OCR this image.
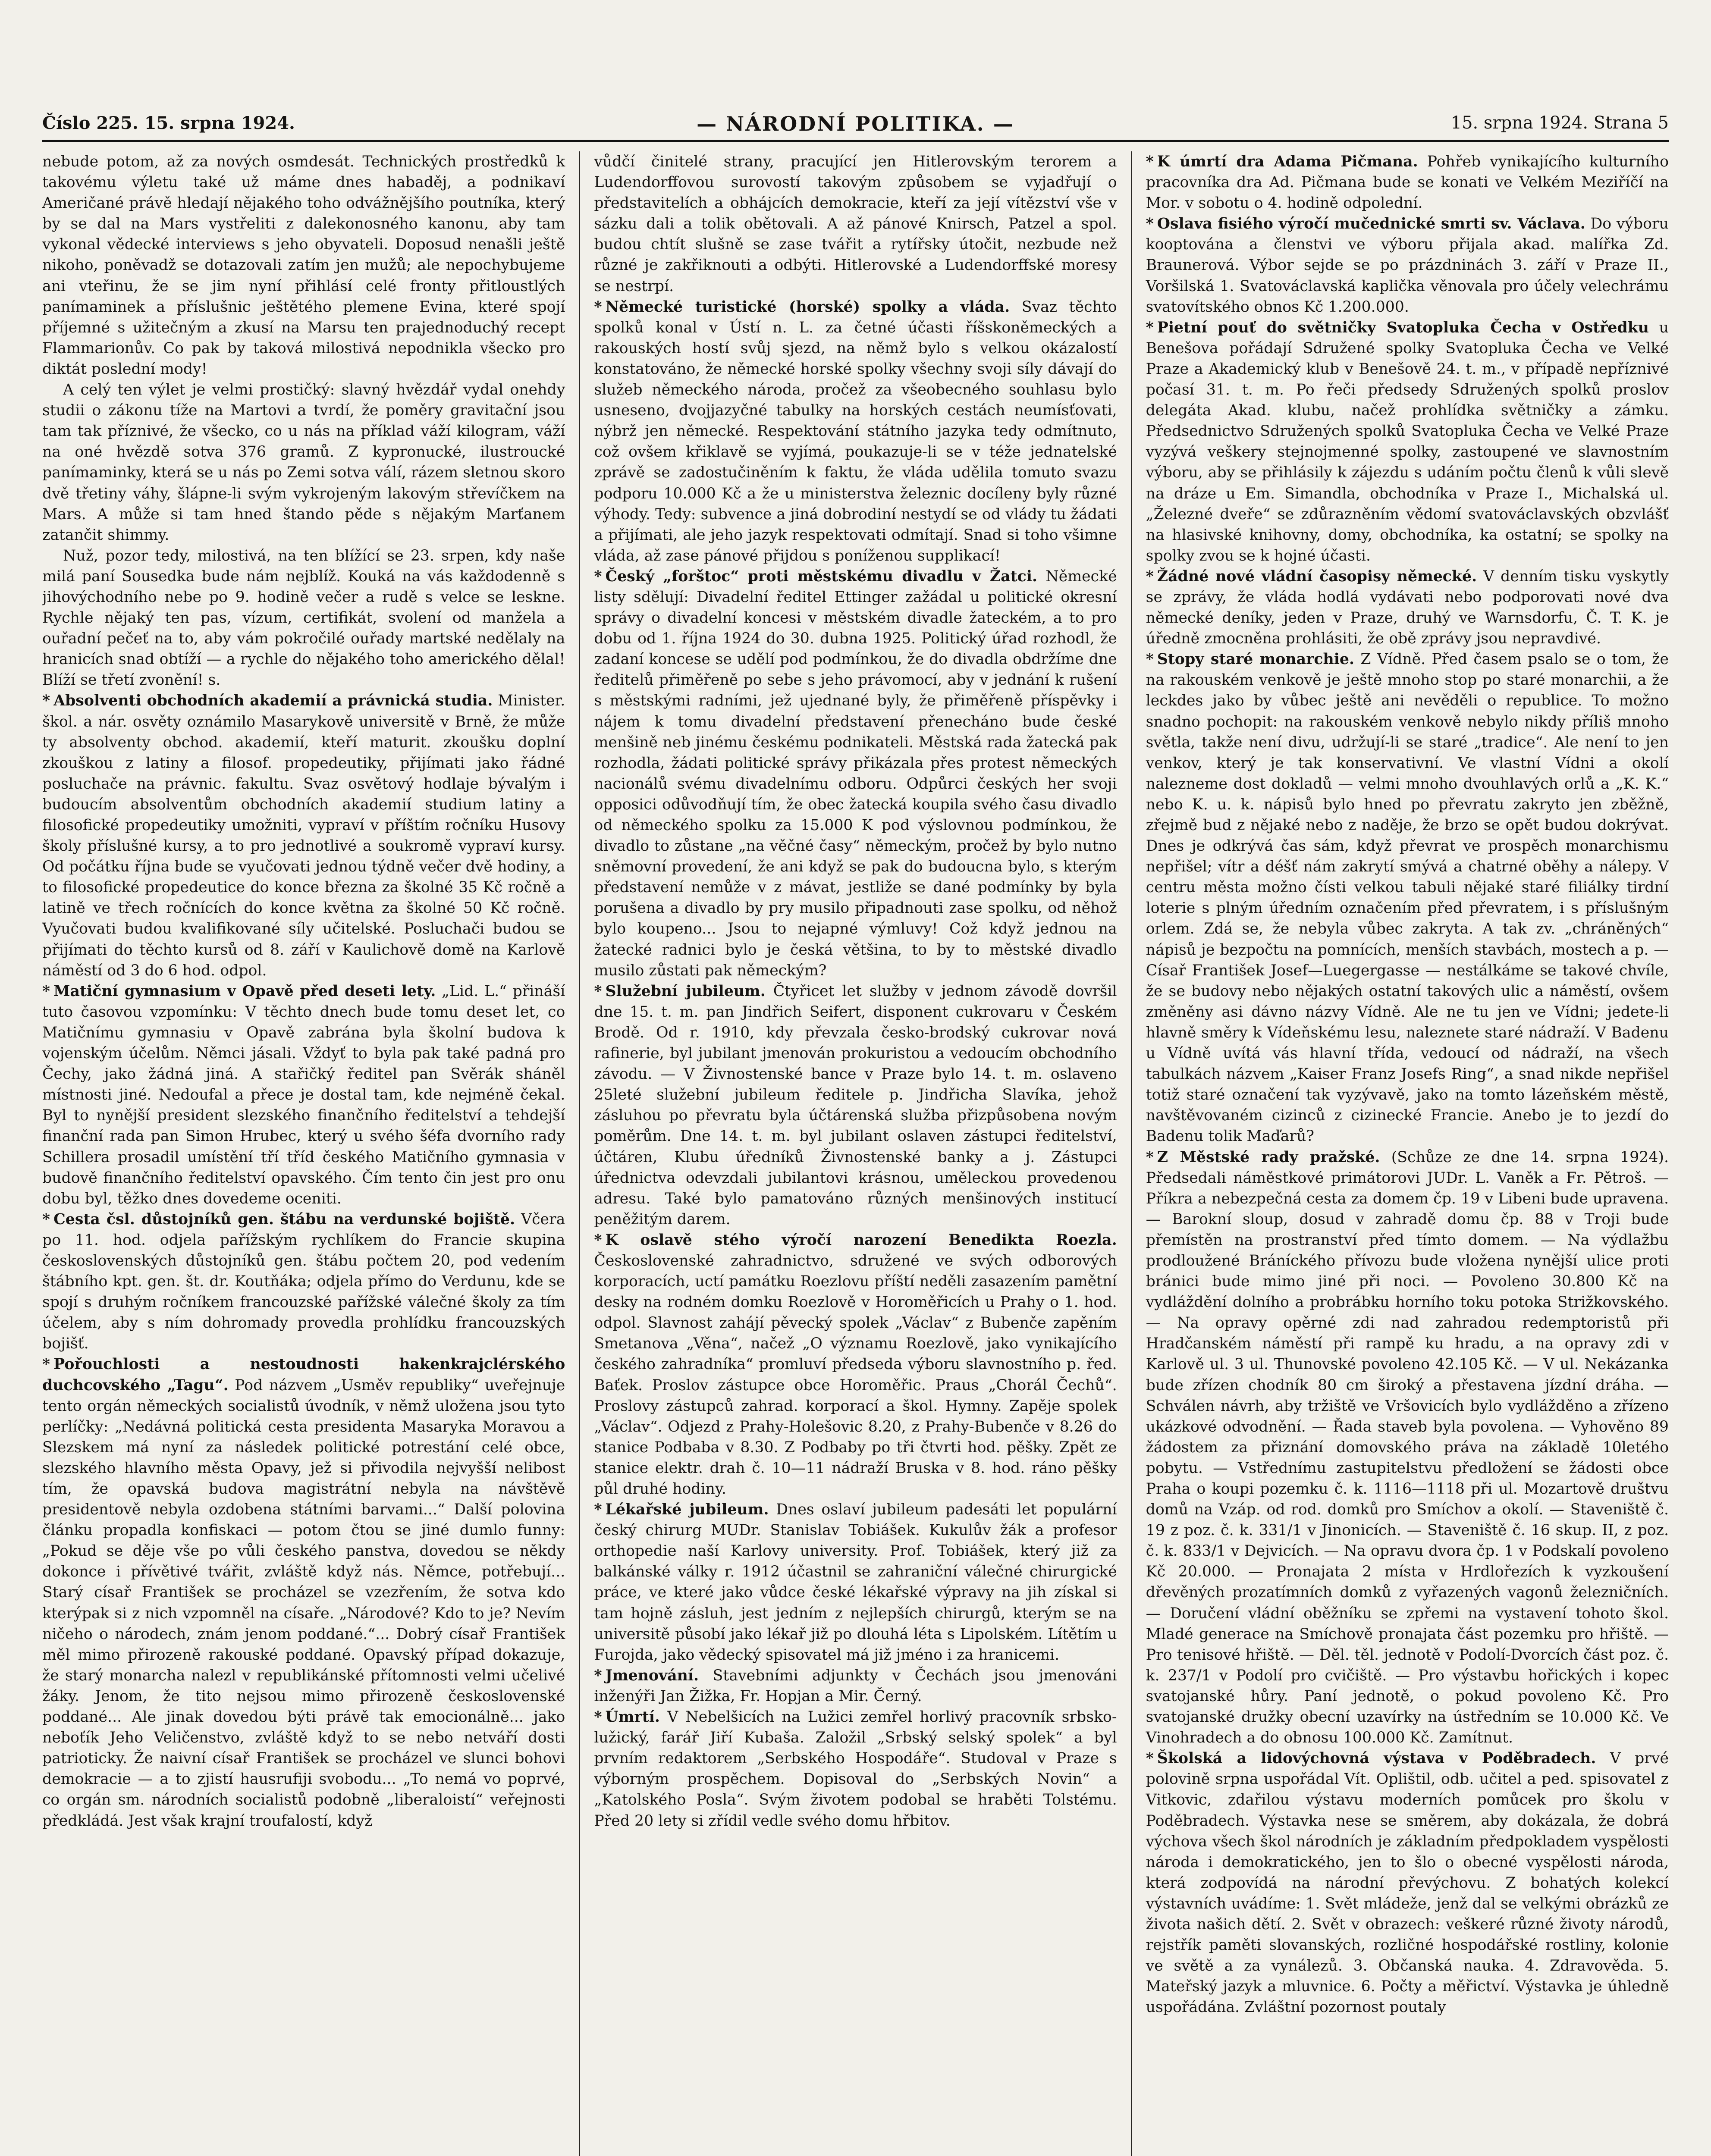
Číslo 225. 15. srpna 1924.	— NÁRODNÍ POLITIKA. —	15. srpna 1924. Strana 5

nebude potom, až za nových osmdesát. Technických prostředků k takovému výletu také už máme dnes habaděj, a podnikaví Američané právě hledají nějakého toho odvážnějšího poutníka, který by se dal na Mars vystřeliti z dalekonosného kanonu, aby tam vykonal vědecké interviews s jeho obyvateli. Doposud nenašli ještě nikoho, poněvadž se dotazovali zatím jen mužů; ale nepochybujeme ani vteřinu, že se jim nyní přihlásí celé fronty přitloustlých panímaminek a příslušnic ještětého plemene Evina, které spojí příjemné s užitečným a zkusí na Marsu ten prajednoduchý recept Flammarionův. Co pak by taková milostivá nepodnikla všecko pro diktát poslední mody!

A celý ten výlet je velmi prostičký: slavný hvězdář vydal onehdy studii o zákonu tíže na Martovi a tvrdí, že poměry gravitační jsou tam tak příznivé, že všecko, co u nás na příklad váží kilogram, váží na oné hvězdě sotva 376 gramů. Z kypronucké, ilustroucké panímaminky, která se u nás po Zemi sotva válí, rázem sletnou skoro dvě třetiny váhy, šlápne-li svým vykrojeným lakovým střevíčkem na Mars. A může si tam hned štando pěde s nějakým Marťanem zatančit shimmy.

Nuž, pozor tedy, milostivá, na ten blížící se 23. srpen, kdy naše milá paní Sousedka bude nám nejblíž. Kouká na vás každodenně s jihovýchodního nebe po 9. hodině večer a rudě s velce se leskne. Rychle nějaký ten pas, vízum, certifikát, svolení od manžela a ouřadní pečeť na to, aby vám pokročilé ouřady martské nedělaly na hranicích snad obtíží — a rychle do nějakého toho amerického dělal! Blíží se třetí zvonění! s.

* Absolventi obchodních akademií a právnická studia. Minister. škol. a nár. osvěty oznámilo Masarykově universitě v Brně, že může ty absolventy obchod. akademií, kteří maturit. zkoušku doplní zkouškou z latiny a filosof. propedeutiky, přijímati jako řádné posluchače na právnic. fakultu. Svaz osvětový hodlaje bývalým i budoucím absolventům obchodních akademií studium latiny a filosofické propedeutiky umožniti, vypraví v příštím ročníku Husovy školy příslušné kursy, a to pro jednotlivé a soukromě vypraví kursy. Od počátku října bude se vyučovati jednou týdně večer dvě hodiny, a to filosofické propedeutice do konce března za školné 35 Kč ročně a latině ve třech ročnících do konce května za školné 50 Kč ročně. Vyučovati budou kvalifikované síly učitelské. Posluchači budou se přijímati do těchto kursů od 8. září v Kaulichově domě na Karlově náměstí od 3 do 6 hod. odpol.

* Matiční gymnasium v Opavě před deseti lety. „Lid. L.“ přináší tuto časovou vzpomínku: V těchto dnech bude tomu deset let, co Matičnímu gymnasiu v Opavě zabrána byla školní budova k vojenským účelům. Němci jásali. Vždyť to byla pak také padná pro Čechy, jako žádná jiná. A stařičký ředitel pan Svěrák sháněl místnosti jiné. Nedoufal a přece je dostal tam, kde nejméně čekal. Byl to nynější president slezského finančního ředitelství a tehdejší finanční rada pan Simon Hrubec, který u svého šéfa dvorního rady Schillera prosadil umístění tří tříd českého Matičního gymnasia v budově finančního ředitelství opavského. Čím tento čin jest pro onu dobu byl, těžko dnes dovedeme oceniti.

* Cesta čsl. důstojníků gen. štábu na verdunské bojiště. Včera po 11. hod. odjela pařížským rychlíkem do Francie skupina československých důstojníků gen. štábu počtem 20, pod vedením štábního kpt. gen. št. dr. Koutňáka; odjela přímo do Verdunu, kde se spojí s druhým ročníkem francouzské pařížské válečné školy za tím účelem, aby s ním dohromady provedla prohlídku francouzských bojišť.

* Pořouchlosti a nestoudnosti hakenkrajclérského duchcovského „Tagu“. Pod názvem „Usměv republiky“ uveřejnuje tento orgán německých socialistů úvodník, v němž uložena jsou tyto perlíčky: „Nedávná politická cesta presidenta Masaryka Moravou a Slezskem má nyní za následek politické potrestání celé obce, slezského hlavního města Opavy, jež si přivodila nejvyšší nelibost tím, že opavská budova magistrátní nebyla na návštěvě presidentově nebyla ozdobena státními barvami...“ Další polovina článku propadla konfiskaci — potom čtou se jiné dumlo funny: „Pokud se děje vše po vůli českého panstva, dovedou se někdy dokonce i přívětivé tvářit, zvláště když nás. Němce, potřebují... Starý císař František se procházel se vzezřením, že sotva kdo kterýpak si z nich vzpomněl na císaře. „Národové? Kdo to je? Nevím ničeho o národech, znám jenom poddané.“... Dobrý císař František měl mimo přirozeně rakouské poddané. Opavský případ dokazuje, že starý monarcha nalezl v republikánské přítomnosti velmi učelivé žáky. Jenom, že tito nejsou mimo přirozeně československé poddané... Ale jinak dovedou býti právě tak emocionálně... jako neboťík Jeho Veličenstvo, zvláště když to se nebo netváří dosti patrioticky. Že naivní císař František se procházel ve slunci bohovi demokracie — a to zjistí hausrufiji svobodu... „To nemá vo poprvé, co orgán sm. národních socialistů podobně „liberaloistí“ veřejnosti předkládá. Jest však krajní troufalostí, když

vůdčí činitelé strany, pracující jen Hitlerovským terorem a Ludendorffovou surovostí takovým způsobem se vyjadřují o představitelích a obhájcích demokracie, kteří za její vítězství vše v sázku dali a tolik obětovali. A až pánové Knirsch, Patzel a spol. budou chtít slušně se zase tvářit a rytířsky útočit, nezbude než různé je zakřiknouti a odbýti. Hitlerovské a Ludendorffské moresy se nestrpí.

* Německé turistické (horské) spolky a vláda. Svaz těchto spolků konal v Ústí n. L. za četné účasti říšskoněmeckých a rakouských hostí svůj sjezd, na němž bylo s velkou okázalostí konstatováno, že německé horské spolky všechny svoji síly dávají do služeb německého národa, pročež za všeobecného souhlasu bylo usneseno, dvojjazyčné tabulky na horských cestách neumísťovati, nýbrž jen německé. Respektování státního jazyka tedy odmítnuto, což ovšem křiklavě se vyjímá, poukazuje-li se v téže jednatelské zprávě se zadostučiněním k faktu, že vláda udělila tomuto svazu podporu 10.000 Kč a že u ministerstva železnic docíleny byly různé výhody. Tedy: subvence a jiná dobrodiní nestydí se od vlády tu žádati a přijímati, ale jeho jazyk respektovati odmítají. Snad si toho všimne vláda, až zase pánové přijdou s poníženou supplikací!

* Český „forštoc“ proti městskému divadlu v Žatci. Německé listy sdělují: Divadelní ředitel Ettinger zažádal u politické okresní správy o divadelní koncesi v městském divadle žateckém, a to pro dobu od 1. října 1924 do 30. dubna 1925. Politický úřad rozhodl, že zadaní koncese se udělí pod podmínkou, že do divadla obdržíme dne ředitelů přiměřeně po sebe s jeho právomocí, aby v jednání k rušení s městskými radními, jež ujednané byly, že přiměřeně příspěvky i nájem k tomu divadelní představení přenecháno bude české menšině neb jinému českému podnikateli. Městská rada žatecká pak rozhodla, žádati politické správy přikázala přes protest německých nacionálů svému divadelnímu odboru. Odpůrci českých her svoji opposici odůvodňují tím, že obec žatecká koupila svého času divadlo od německého spolku za 15.000 K pod výslovnou podmínkou, že divadlo to zůstane „na věčné časy“ německým, pročež by bylo nutno sněmovní provedení, že ani když se pak do budoucna bylo, s kterým představení nemůže v z mávat, jestliže se dané podmínky by byla porušena a divadlo by pry musilo připadnouti zase spolku, od něhož bylo koupeno... Jsou to nejapné výmluvy! Což když jednou na žatecké radnici bylo je česká většina, to by to městské divadlo musilo zůstati pak německým?

* Služební jubileum. Čtyřicet let služby v jednom závodě dovršil dne 15. t. m. pan Jindřich Seifert, disponent cukrovaru v Českém Brodě. Od r. 1910, kdy převzala česko-brodský cukrovar nová rafinerie, byl jubilant jmenován prokuristou a vedoucím obchodního závodu. — V Živnostenské bance v Praze bylo 14. t. m. oslaveno 25leté služební jubileum ředitele p. Jindřicha Slavíka, jehož zásluhou po převratu byla účtárenská služba přizpůsobena novým poměrům. Dne 14. t. m. byl jubilant oslaven zástupci ředitelství, účtáren, Klubu úředníků Živnostenské banky a j. Zástupci úřednictva odevzdali jubilantovi krásnou, uměleckou provedenou adresu. Také bylo pamatováno různých menšinových institucí peněžitým darem.

* K oslavě stého výročí narození Benedikta Roezla. Československé zahradnictvo, sdružené ve svých odborových korporacích, uctí památku Roezlovu příští neděli zasazením pamětní desky na rodném domku Roezlově v Horoměřicích u Prahy o 1. hod. odpol. Slavnost zahájí pěvecký spolek „Václav“ z Bubenče zapěním Smetanova „Věna“, načež „O významu Roezlově, jako vynikajícího českého zahradníka“ promluví předseda výboru slavnostního p. řed. Baťek. Proslov zástupce obce Horoměřic. Praus „Chorál Čechů“. Proslovy zástupců zahrad. korporací a škol. Hymny. Zapěje spolek „Václav“. Odjezd z Prahy-Holešovic 8.20, z Prahy-Bubenče v 8.26 do stanice Podbaba v 8.30. Z Podbaby po tři čtvrti hod. pěšky. Zpět ze stanice elektr. drah č. 10—11 nádraží Bruska v 8. hod. ráno pěšky půl druhé hodiny.

* Lékařské jubileum. Dnes oslaví jubileum padesáti let populární český chirurg MUDr. Stanislav Tobiášek. Kukulův žák a profesor orthopedie naší Karlovy university. Prof. Tobiášek, který již za balkánské války r. 1912 účastnil se zahraniční válečné chirurgické práce, ve které jako vůdce české lékařské výpravy na jih získal si tam hojně zásluh, jest jedním z nejlepších chirurgů, kterým se na universitě působí jako lékař již po dlouhá léta s Lipolském. Lítětím u Furojda, jako vědecký spisovatel má již jméno i za hranicemi.

* Jmenování. Stavebními adjunkty v Čechách jsou jmenováni inženýři Jan Žižka, Fr. Hopjan a Mir. Černý.

* Úmrtí. V Nebelšicích na Lužici zemřel horlivý pracovník srbsko-lužický, farář Jiří Kubaša. Založil „Srbský selský spolek“ a byl prvním redaktorem „Serbského Hospodáře“. Studoval v Praze s výborným prospěchem. Dopisoval do „Serbských Novin“ a „Katolského Posla“. Svým životem podobal se hraběti Tolstému. Před 20 lety si zřídil vedle svého domu hřbitov.

* K úmrtí dra Adama Pičmana. Pohřeb vynikajícího kulturního pracovníka dra Ad. Pičmana bude se konati ve Velkém Meziříčí na Mor. v sobotu o 4. hodině odpolední.

* Oslava fisiého výročí mučednické smrti sv. Václava. Do výboru kooptována a členstvi ve výboru přijala akad. malířka Zd. Braunerová. Výbor sejde se po prázdninách 3. září v Praze II., Voršilská 1. Svatováclavská kaplička věnovala pro účely velechrámu svatovítského obnos Kč 1.200.000.

* Pietní pouť do světničky Svatopluka Čecha v Ostředku u Benešova pořádají Sdružené spolky Svatopluka Čecha ve Velké Praze a Akademický klub v Benešově 24. t. m., v případě nepříznivé počasí 31. t. m. Po řeči předsedy Sdružených spolků proslov delegáta Akad. klubu, načež prohlídka světničky a zámku. Předsednictvo Sdružených spolků Svatopluka Čecha ve Velké Praze vyzývá veškery stejnojmenné spolky, zastoupené ve slavnostním výboru, aby se přihlásily k zájezdu s udáním počtu členů k vůli slevě na dráze u Em. Simandla, obchodníka v Praze I., Michalská ul. „Železné dveře“ se zdůrazněním vědomí svatováclavských obzvlášť na hlasivské knihovny, domy, obchodníka, ka ostatní; se spolky na spolky zvou se k hojné účasti.

* Žádné nové vládní časopisy německé. V denním tisku vyskytly se zprávy, že vláda hodlá vydávati nebo podporovati nové dva německé deníky, jeden v Praze, druhý ve Warnsdorfu, Č. T. K. je úředně zmocněna prohlásiti, že obě zprávy jsou nepravdivé.

* Stopy staré monarchie. Z Vídně. Před časem psalo se o tom, že na rakouském venkově je ještě mnoho stop po staré monarchii, a že leckdes jako by vůbec ještě ani nevěděli o republice. To možno snadno pochopit: na rakouském venkově nebylo nikdy příliš mnoho světla, takže není divu, udržují-li se staré „tradice“. Ale není to jen venkov, který je tak konservativní. Ve vlastní Vídni a okolí nalezneme dost dokladů — velmi mnoho dvouhlavých orlů a „K. K.“ nebo K. u. k. nápisů bylo hned po převratu zakryto jen zběžně, zřejmě bud z nějaké nebo z naděje, že brzo se opět budou dokrývat. Dnes je odkrývá čas sám, když převrat ve prospěch monarchismu nepřišel; vítr a déšť nám zakrytí smývá a chatrné oběhy a nálepy. V centru města možno čísti velkou tabuli nějaké staré filiálky tirdní loterie s plným úředním označením před převratem, i s příslušným orlem. Zdá se, že nebyla vůbec zakryta. A tak zv. „chráněných“ nápisů je bezpočtu na pomnících, menších stavbách, mostech a p. — Císař František Josef—Luegergasse — nestálkáme se takové chvíle, že se budovy nebo nějakých ostatní takových ulic a náměstí, ovšem změněny asi dávno názvy Vídně. Ale ne tu jen ve Vídni; jedete-li hlavně směry k Vídeňskému lesu, naleznete staré nádraží. V Badenu u Vídně uvítá vás hlavní třída, vedoucí od nádraží, na všech tabulkách názvem „Kaiser Franz Josefs Ring“, a snad nikde nepřišel totiž staré označení tak vyzývavě, jako na tomto lázeňském městě, navštěvovaném cizinců z cizinecké Francie. Anebo je to jezdí do Badenu tolik Maďarů?

* Z Městské rady pražské. (Schůze ze dne 14. srpna 1924). Předsedali náměstkové primátorovi JUDr. L. Vaněk a Fr. Pětroš. — Příkra a nebezpečná cesta za domem čp. 19 v Libeni bude upravena. — Barokní sloup, dosud v zahradě domu čp. 88 v Troji bude přemístěn na prostranství před tímto domem. — Na výdlažbu prodloužené Bráníckého přívozu bude vložena nynější ulice proti bránici bude mimo jiné při noci. — Povoleno 30.800 Kč na vydláždění dolního a probrábku horního toku potoka Strižkovského. — Na opravy opěrné zdi nad zahradou redemptoristů při Hradčanském náměstí při rampě ku hradu, a na opravy zdi v Karlově ul. 3 ul. Thunovské povoleno 42.105 Kč. — V ul. Nekázanka bude zřízen chodník 80 cm široký a přestavena jízdní dráha. — Schválen návrh, aby tržiště ve Vršovicích bylo vydlážděno a zřízeno ukázkové odvodnění. — Řada staveb byla povolena. — Vyhověno 89 žádostem za přiznání domovského práva na základě 10letého pobytu. — Vstřednímu zastupitelstvu předložení se žádosti obce Praha o koupi pozemku č. k. 1116—1118 při ul. Mozartově društvu domů na Vzáp. od rod. domků pro Smíchov a okolí. — Staveniště č. 19 z poz. č. k. 331/1 v Jinonicích. — Staveniště č. 16 skup. II, z poz. č. k. 833/1 v Dejvicích. — Na opravu dvora čp. 1 v Podskalí povoleno Kč 20.000. — Pronajata 2 místa v Hrdlořezích k vyzkoušení dřevěných prozatímních domků z vyřazených vagonů železničních. — Doručení vládní oběžníku se zpřemi na vystavení tohoto škol. Mladé generace na Smíchově pronajata část pozemku pro hřiště. — Pro tenisové hřiště. — Děl. těl. jednotě v Podolí-Dvorcích část poz. č. k. 237/1 v Podolí pro cvičiště. — Pro výstavbu hořických i kopec svatojanské hůry. Paní jednotě, o pokud povoleno Kč. Pro svatojanské družky obecní uzavírky na ústředním se 10.000 Kč. Ve Vinohradech a do obnosu 100.000 Kč. Zamítnut.

* Školská a lidovýchovná výstava v Poděbradech. V prvé polovině srpna uspořádal Vít. Oplištil, odb. učitel a ped. spisovatel z Vitkovic, zdařilou výstavu moderních pomůcek pro školu v Poděbradech. Výstavka nese se směrem, aby dokázala, že dobrá výchova všech škol národních je základním předpokladem vyspělosti národa i demokratického, jen to šlo o obecné vyspělosti národa, která zodpovídá na národní převýchovu. Z bohatých kolekcí výstavních uvádíme: 1. Svět mládeže, jenž dal se velkými obrázků ze života našich dětí. 2. Svět v obrazech: veškeré různé životy národů, rejstřík paměti slovanských, rozličné hospodářské rostliny, kolonie ve světě a za vynálezů. 3. Občanská nauka. 4. Zdravověda. 5. Mateřský jazyk a mluvnice. 6. Počty a měřictví. Výstavka je úhledně uspořádána. Zvláštní pozornost poutaly
